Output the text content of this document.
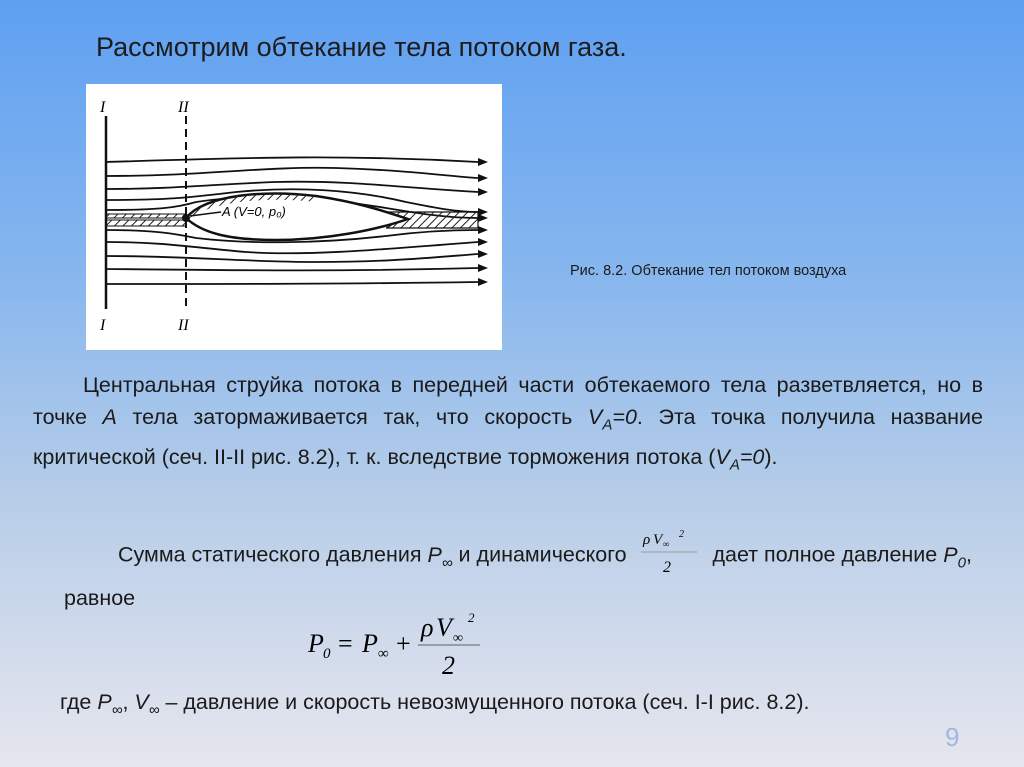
Рассмотрим обтекание тела потоком газа.
I	II
I	II
A (V=0, p₀)
Рис. 8.2. Обтекание тел потоком воздуха
Центральная струйка потока в передней части обтекаемого тела разветвляется, но в точке A тела затормаживается так, что скорость $V_A=0$. Эта точка получила название критической (сеч. II-II рис. 8.2), т. к. вследствие торможения потока $(V_A=0)$.
Сумма статического давления $P_\infty$ и динамического
ρ V ∞
2
2
дает полное давление $P_0$, равное
P 0 = P ∞ +
ρ V ∞
2
2
где $P_\infty$, $V_\infty$ – давление и скорость невозмущенного потока (сеч. I-I рис. 8.2).
9
